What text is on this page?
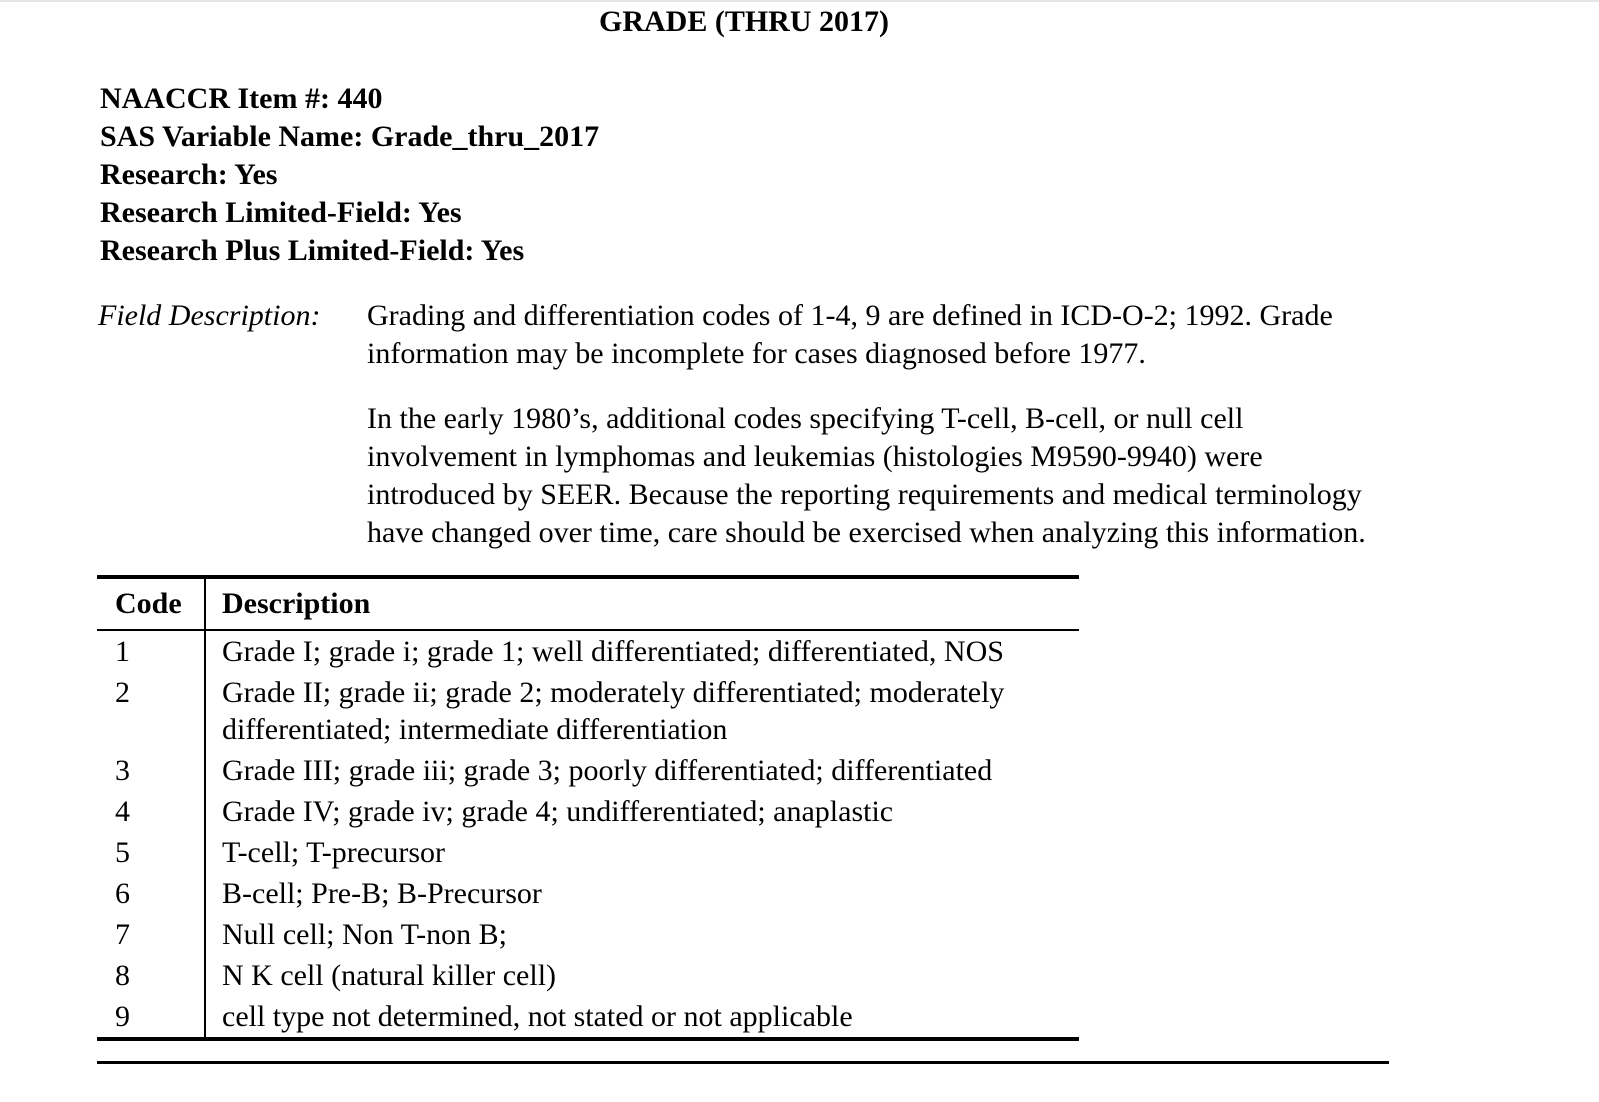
GRADE (THRU 2017)
NAACCR Item #: 440
SAS Variable Name: Grade_thru_2017
Research: Yes
Research Limited-Field: Yes
Research Plus Limited-Field: Yes
Field Description: Grading and differentiation codes of 1-4, 9 are defined in ICD-O-2; 1992. Grade
information may be incomplete for cases diagnosed before 1977.
In the early 1980’s, additional codes specifying T-cell, B-cell, or null cell
involvement in lymphomas and leukemias (histologies M9590-9940) were
introduced by SEER. Because the reporting requirements and medical terminology
have changed over time, care should be exercised when analyzing this information.
Code	Description
1	Grade I; grade i; grade 1; well differentiated; differentiated, NOS
2	Grade II; grade ii; grade 2; moderately differentiated; moderately
differentiated; intermediate differentiation
3	Grade III; grade iii; grade 3; poorly differentiated; differentiated
4	Grade IV; grade iv; grade 4; undifferentiated; anaplastic
5	T-cell; T-precursor
6	B-cell; Pre-B; B-Precursor
7	Null cell; Non T-non B;
8	N K cell (natural killer cell)
9	cell type not determined, not stated or not applicable
